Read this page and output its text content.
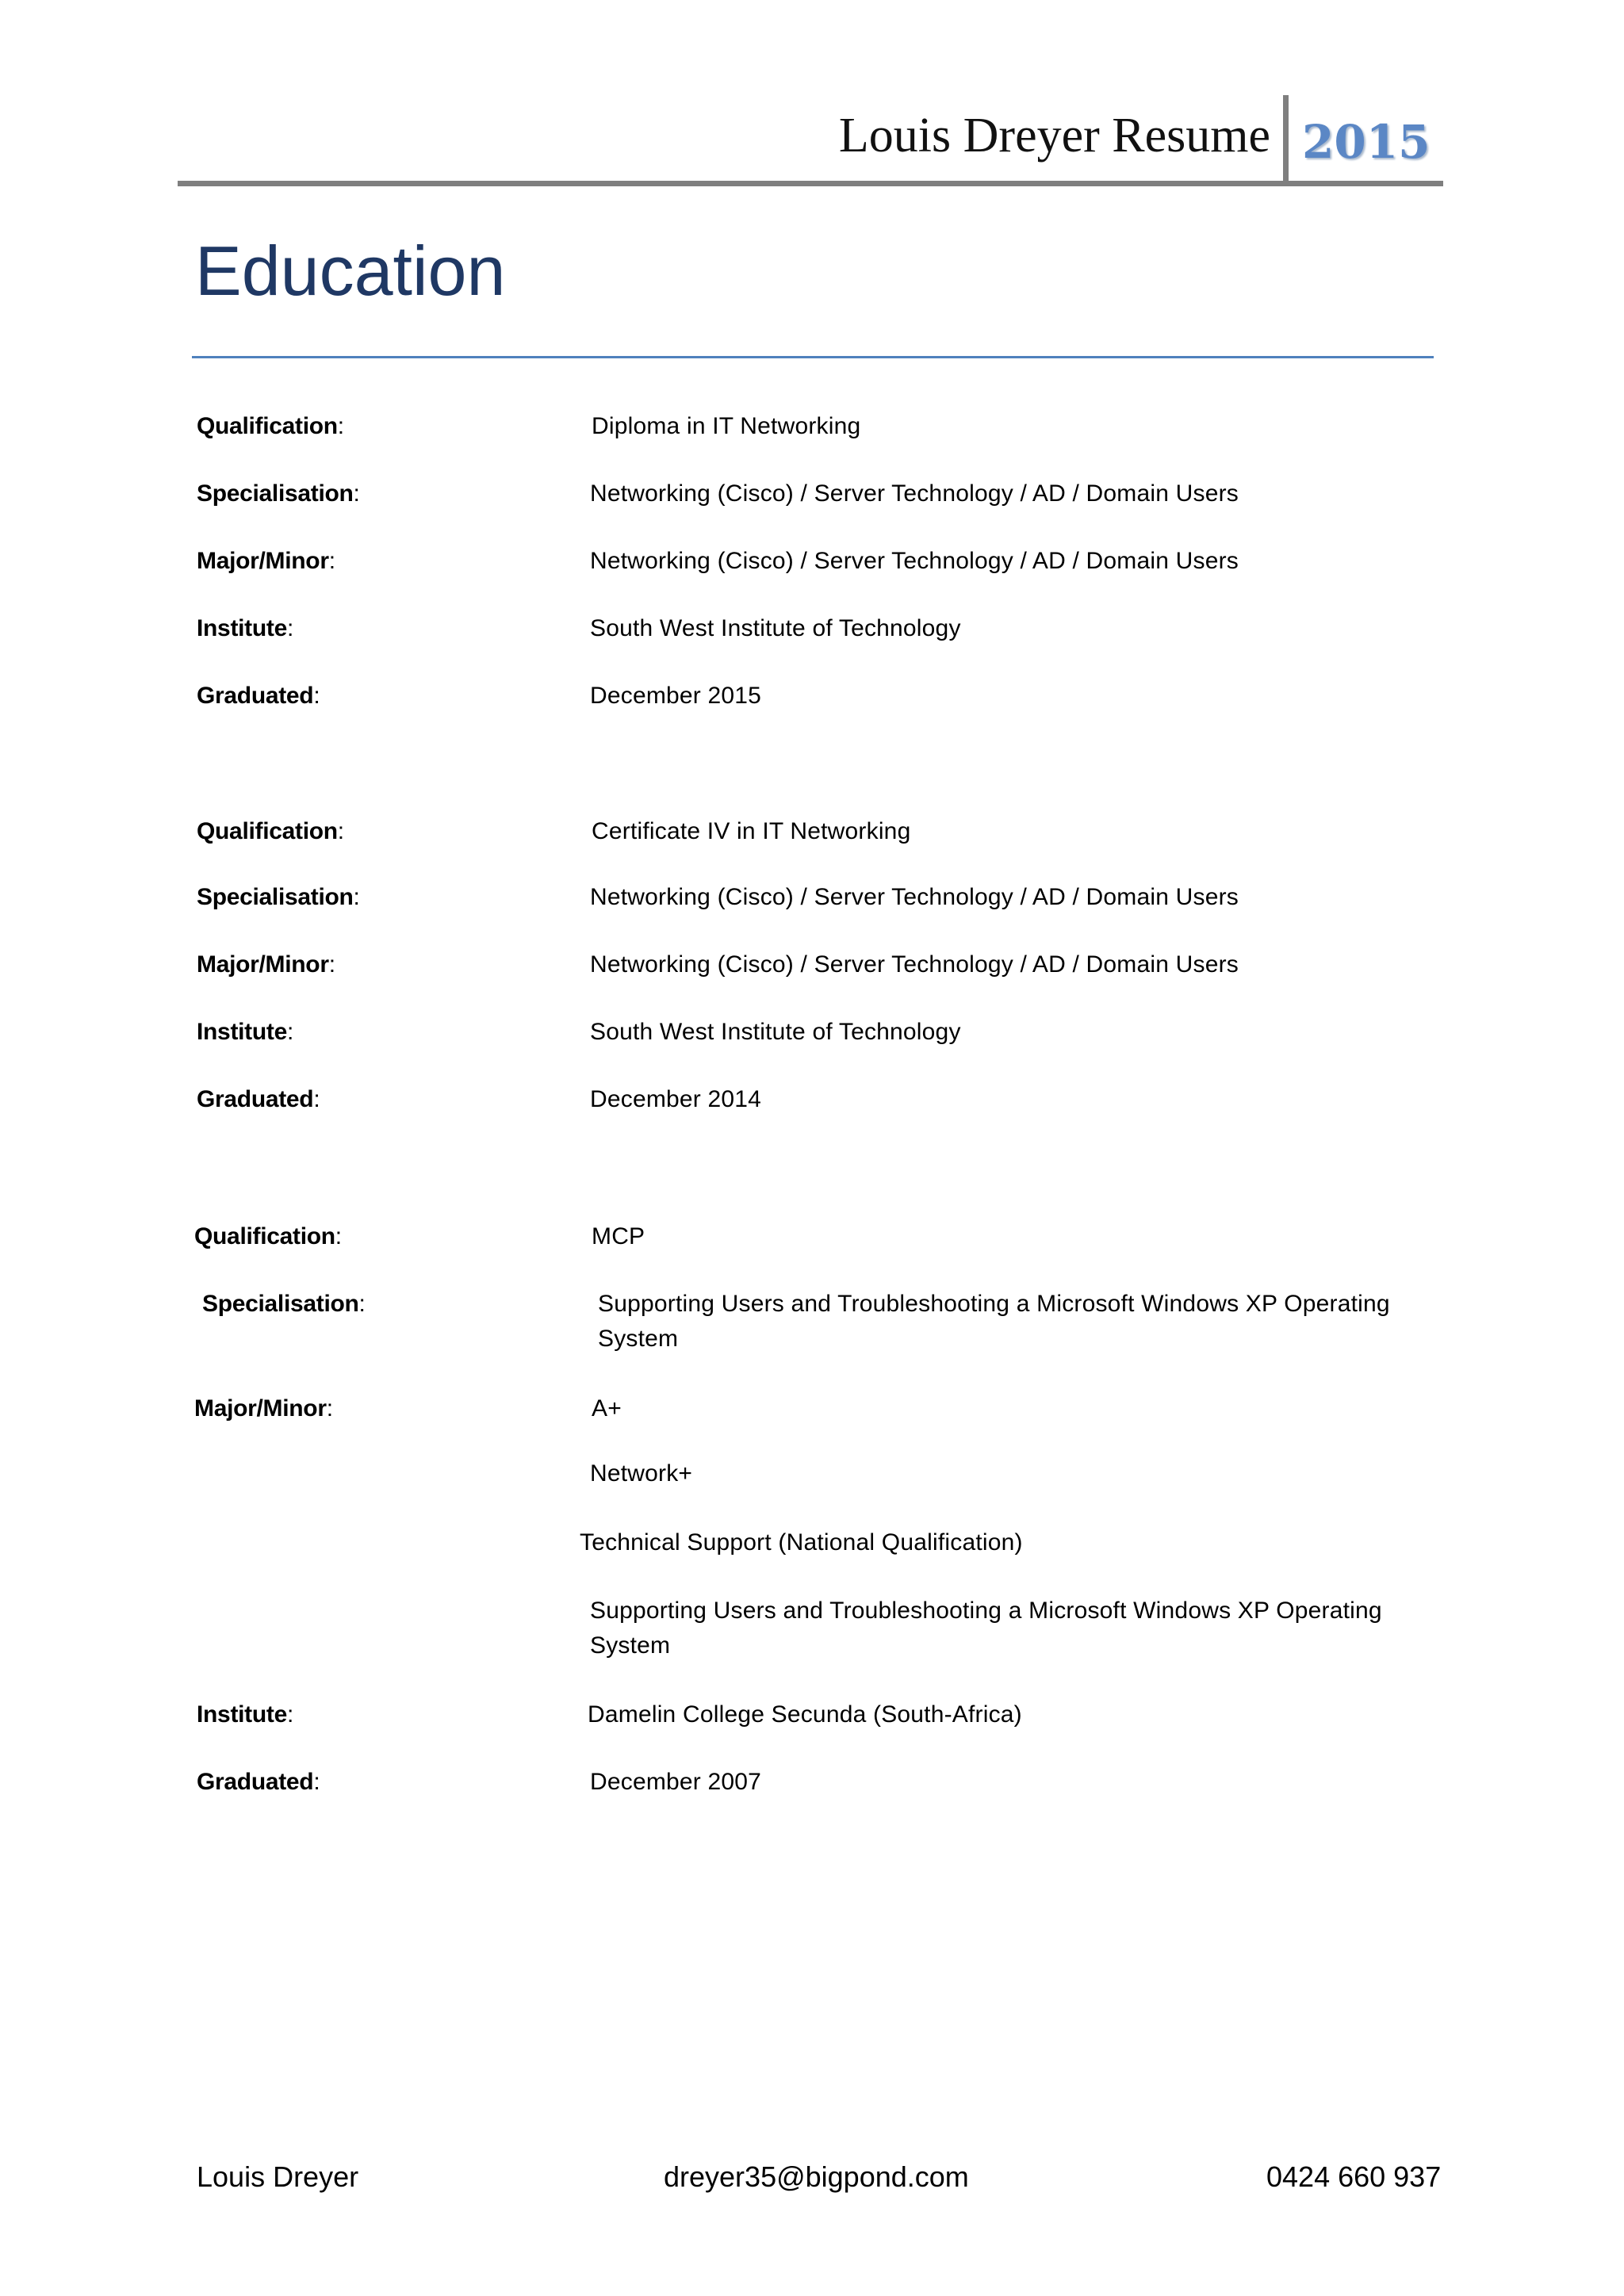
Louis Dreyer Resume 2015
Education
Qualification:	Diploma in IT Networking
Specialisation:	Networking (Cisco) / Server Technology / AD / Domain Users
Major/Minor:	Networking (Cisco) / Server Technology / AD / Domain Users
Institute:	South West Institute of Technology
Graduated:	December 2015
Qualification:	Certificate IV in IT Networking
Specialisation:	Networking (Cisco) / Server Technology / AD / Domain Users
Major/Minor:	Networking (Cisco) / Server Technology / AD / Domain Users
Institute:	South West Institute of Technology
Graduated:	December 2014
Qualification:	MCP
Specialisation:	Supporting Users and Troubleshooting a Microsoft Windows XP Operating System
Major/Minor:	A+
Network+
Technical Support (National Qualification)
Supporting Users and Troubleshooting a Microsoft Windows XP Operating System
Institute:	Damelin College Secunda (South-Africa)
Graduated:	December 2007
Louis Dreyer	dreyer35@bigpond.com	0424 660 937
